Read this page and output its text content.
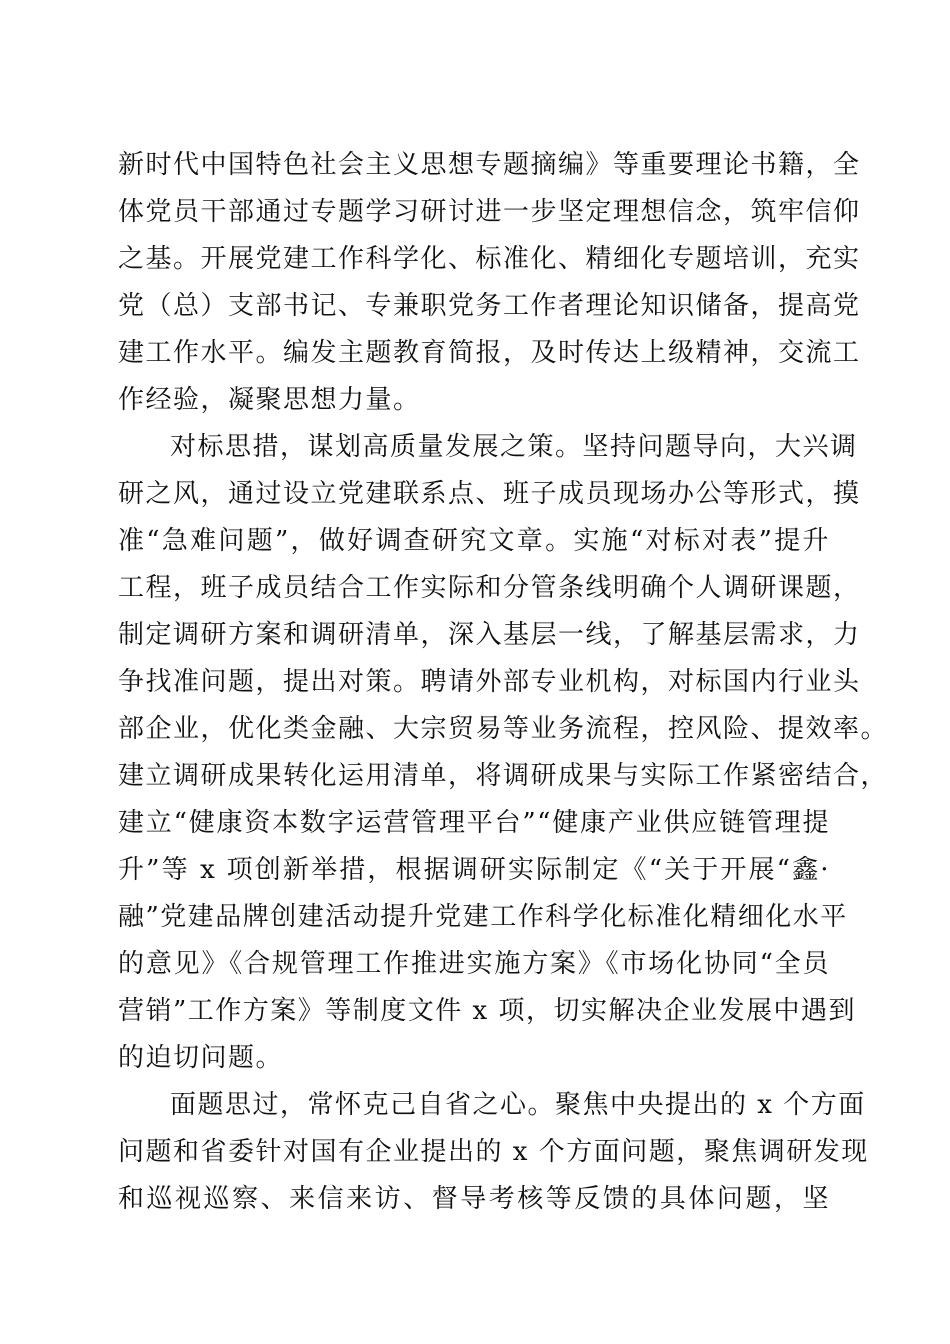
新时代中国特色社会主义思想专题摘编》等重要理论书籍，全
体党员干部通过专题学习研讨进一步坚定理想信念，筑牢信仰
之基。开展党建工作科学化、标准化、精细化专题培训，充实
党（总）支部书记、专兼职党务工作者理论知识储备，提高党
建工作水平。编发主题教育简报，及时传达上级精神，交流工
作经验，凝聚思想力量。
对标思措，谋划高质量发展之策。坚持问题导向，大兴调
研之风，通过设立党建联系点、班子成员现场办公等形式，摸
准“急难问题”，做好调查研究文章。实施“对标对表”提升
工程，班子成员结合工作实际和分管条线明确个人调研课题，
制定调研方案和调研清单，深入基层一线，了解基层需求，力
争找准问题，提出对策。聘请外部专业机构，对标国内行业头
部企业，优化类金融、大宗贸易等业务流程，控风险、提效率。
建立调研成果转化运用清单，将调研成果与实际工作紧密结合，
建立“健康资本数字运营管理平台”“健康产业供应链管理提
升”等 x 项创新举措，根据调研实际制定《“关于开展“鑫·
融”党建品牌创建活动提升党建工作科学化标准化精细化水平
的意见》《合规管理工作推进实施方案》《市场化协同“全员
营销”工作方案》等制度文件 x 项，切实解决企业发展中遇到
的迫切问题。
面题思过，常怀克己自省之心。聚焦中央提出的 x 个方面
问题和省委针对国有企业提出的 x 个方面问题，聚焦调研发现
和巡视巡察、来信来访、督导考核等反馈的具体问题，坚
